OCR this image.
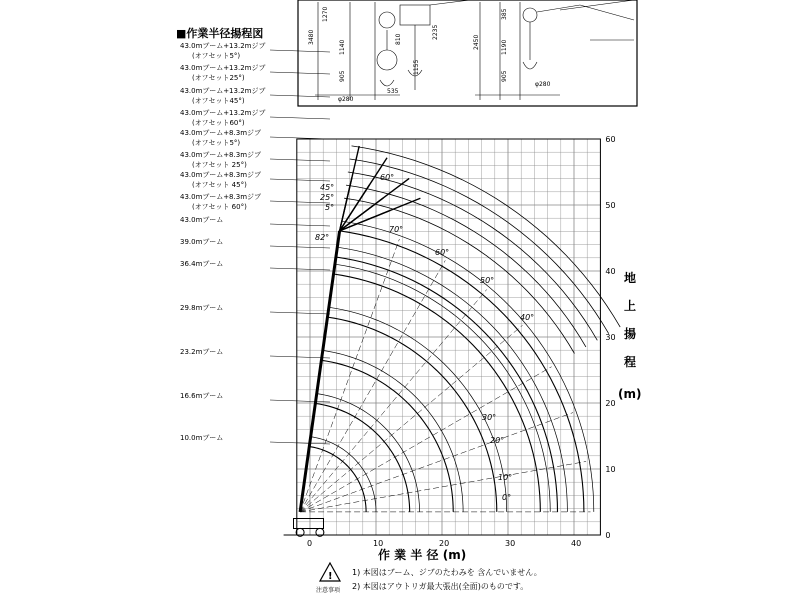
3480
1270
1140
905
810	2235
1155
535
φ280
2450
385
1190
905
φ280
■作業半径揚程図
43.0mブーム+13.2mジブ
(オフセット5°)
43.0mブーム+13.2mジブ
(オフセット25°)
43.0mブーム+13.2mジブ
(オフセット45°)
43.0mブーム+13.2mジブ
(オフセット60°)
43.0mブーム+8.3mジブ
(オフセット5°)
43.0mブーム+8.3mジブ
(オフセット 25°)
43.0mブーム+8.3mジブ
(オフセット 45°)
43.0mブーム+8.3mジブ
(オフセット 60°)
43.0mブーム
39.0mブーム
36.4mブーム
29.8mブーム
23.2mブーム
16.6mブーム
10.0mブーム
0	10	20	30	40
0
10
20
30
40
50
60
0°
10°
20°
30°
40°
50°
60°
70°
82°
60°
45°
25°
5°
作 業 半 径 (m)
地
上
揚
程
(m)
!
注意事項
1) 本図はブーム、ジブのたわみを 含んでいません。
2) 本図はアウトリガ最大張出(全面)のものです。
